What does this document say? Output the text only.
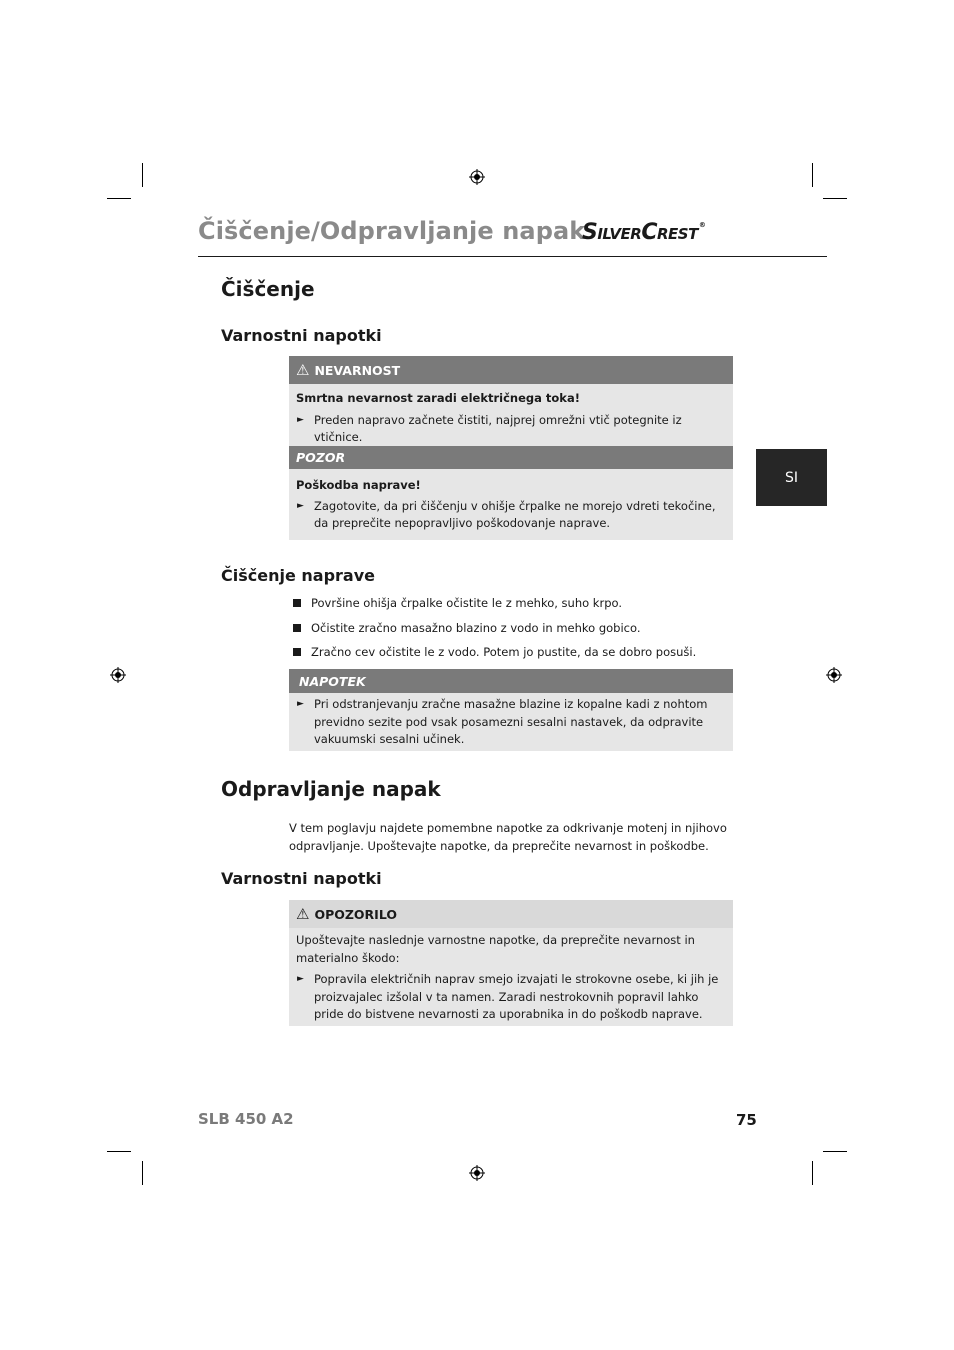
Čiščenje/Odpravljanje napak
SilverCrest®
SI
Čiščenje
Varnostni napotki
⚠ NEVARNOST
Smrtna nevarnost zaradi električnega toka!
► Preden napravo začnete čistiti, najprej omrežni vtič potegnite iz vtičnice.
POZOR
Poškodba naprave!
► Zagotovite, da pri čiščenju v ohišje črpalke ne morejo vdreti tekočine, da preprečite nepopravljivo poškodovanje naprave.
Čiščenje naprave
Površine ohišja črpalke očistite le z mehko, suho krpo.
Očistite zračno masažno blazino z vodo in mehko gobico.
Zračno cev očistite le z vodo. Potem jo pustite, da se dobro posuši.
NAPOTEK
► Pri odstranjevanju zračne masažne blazine iz kopalne kadi z nohtom previdno sezite pod vsak posamezni sesalni nastavek, da odpravite vakuumski sesalni učinek.
Odpravljanje napak
V tem poglavju najdete pomembne napotke za odkrivanje motenj in njihovo odpravljanje. Upoštevajte napotke, da preprečite nevarnost in poškodbe.
Varnostni napotki
⚠ OPOZORILO
Upoštevajte naslednje varnostne napotke, da preprečite nevarnost in materialno škodo:
► Popravila električnih naprav smejo izvajati le strokovne osebe, ki jih je proizvajalec izšolal v ta namen. Zaradi nestrokovnih popravil lahko pride do bistvene nevarnosti za uporabnika in do poškodb naprave.
SLB 450 A2	75
